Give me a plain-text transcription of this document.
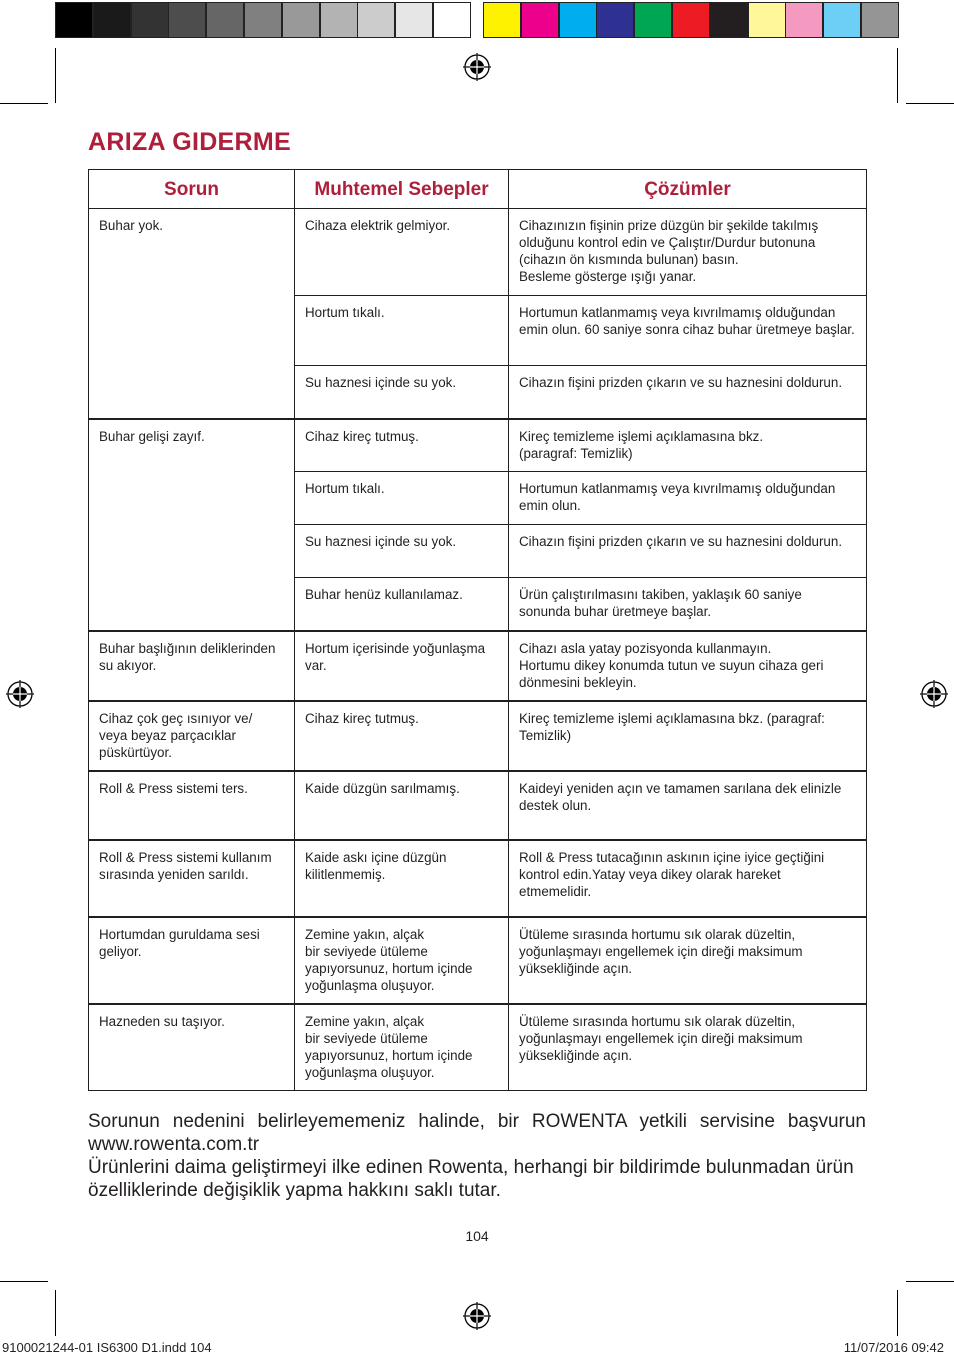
ARIZA GIDERME
Sorun	Muhtemel Sebepler	Çözümler
Buhar yok.	Cihaza elektrik gelmiyor.	Cihazınızın fişinin prize düzgün bir şekilde takılmış olduğunu kontrol edin ve Çalıştır/Durdur butonuna (cihazın ön kısmında bulunan) basın.
Besleme gösterge ışığı yanar.
	Hortum tıkalı.	Hortumun katlanmamış veya kıvrılmamış olduğundan emin olun. 60 saniye sonra cihaz buhar üretmeye başlar.
	Su haznesi içinde su yok.	Cihazın fişini prizden çıkarın ve su haznesini doldurun.
Buhar gelişi zayıf.	Cihaz kireç tutmuş.	Kireç temizleme işlemi açıklamasına bkz.
(paragraf: Temizlik)
	Hortum tıkalı.	Hortumun katlanmamış veya kıvrılmamış olduğundan emin olun.
	Su haznesi içinde su yok.	Cihazın fişini prizden çıkarın ve su haznesini doldurun.
	Buhar henüz kullanılamaz.	Ürün çalıştırılmasını takiben, yaklaşık 60 saniye sonunda buhar üretmeye başlar.
Buhar başlığının deliklerinden su akıyor.	Hortum içerisinde yoğunlaşma var.	Cihazı asla yatay pozisyonda kullanmayın.
Hortumu dikey konumda tutun ve suyun cihaza geri dönmesini bekleyin.
Cihaz çok geç ısınıyor ve/ veya beyaz parçacıklar püskürtüyor.	Cihaz kireç tutmuş.	Kireç temizleme işlemi açıklamasına bkz. (paragraf: Temizlik)
Roll & Press sistemi ters.	Kaide düzgün sarılmamış.	Kaideyi yeniden açın ve tamamen sarılana dek elinizle destek olun.
Roll & Press sistemi kullanım sırasında yeniden sarıldı.	Kaide askı içine düzgün kilitlenmemiş.	Roll & Press tutacağının askının içine iyice geçtiğini kontrol edin.Yatay veya dikey olarak hareket etmemelidir.
Hortumdan guruldama sesi geliyor.	Zemine yakın, alçak
bir seviyede ütüleme yapıyorsunuz, hortum içinde yoğunlaşma oluşuyor.	Ütüleme sırasında hortumu sık olarak düzeltin, yoğunlaşmayı engellemek için direği maksimum yüksekliğinde açın.
Hazneden su taşıyor.	Zemine yakın, alçak
bir seviyede ütüleme yapıyorsunuz, hortum içinde yoğunlaşma oluşuyor.	Ütüleme sırasında hortumu sık olarak düzeltin, yoğunlaşmayı engellemek için direği maksimum yüksekliğinde açın.

Sorunun nedenini belirleyememeniz halinde, bir ROWENTA yetkili servisine başvurun

www.rowenta.com.tr

Ürünlerini daima geliştirmeyi ilke edinen Rowenta, herhangi bir bildirimde bulunmadan ürün özelliklerinde değişiklik yapma hakkını saklı tutar.

104
9100021244-01 IS6300 D1.indd 104	11/07/2016 09:42
